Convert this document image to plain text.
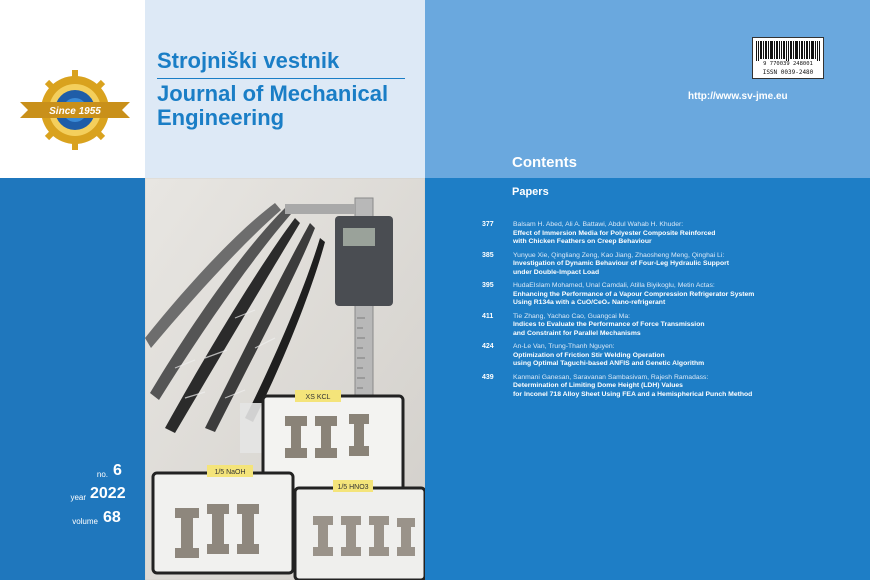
Since 1955
Strojniški vestnik
Journal of Mechanical Engineering
no. 6
year 2022
volume 68
XS KCL
1/5 NaOH
1/5 HNO3
9 770039 248001
ISSN 0039-2480
http://www.sv-jme.eu
Contents
Papers
377	Balsam H. Abed, Ali A. Battawi, Abdul Wahab H. Khuder:
Effect of Immersion Media for Polyester Composite Reinforced
with Chicken Feathers on Creep Behaviour
385	Yunyue Xie, Qingliang Zeng, Kao Jiang, Zhaosheng Meng, Qinghai Li:
Investigation of Dynamic Behaviour of Four-Leg Hydraulic Support
under Double-Impact Load
395	HudaEIslam Mohamed, Unal Camdali, Atilla Biyikoglu, Metin Actas:
Enhancing the Performance of a Vapour Compression Refrigerator System
Using R134a with a CuO/CeO₂ Nano-refrigerant
411	Tie Zhang, Yachao Cao, Guangcai Ma:
Indices to Evaluate the Performance of Force Transmission
and Constraint for Parallel Mechanisms
424	An-Le Van, Trung-Thanh Nguyen:
Optimization of Friction Stir Welding Operation
using Optimal Taguchi-based ANFIS and Genetic Algorithm
439	Kanmani Ganesan, Saravanan Sambasivam, Rajesh Ramadass:
Determination of Limiting Dome Height (LDH) Values
for Inconel 718 Alloy Sheet Using FEA and a Hemispherical Punch Method
